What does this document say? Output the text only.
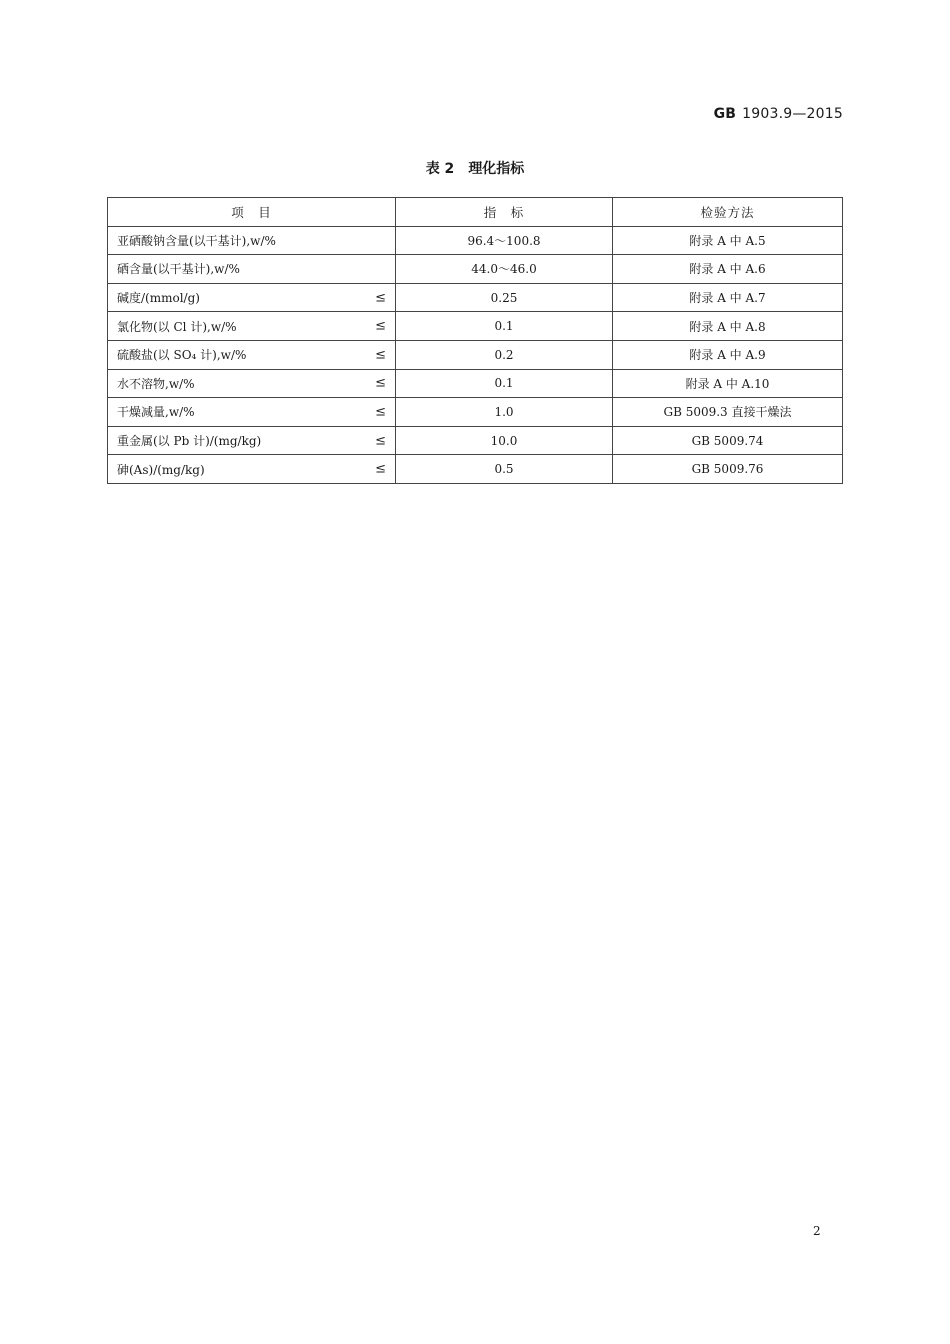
GB 1903.9—2015
表 2 理化指标
项　目	指　标	检验方法
亚硒酸钠含量(以干基计),w/%	96.4～100.8	附录 A 中 A.5
硒含量(以干基计),w/%	44.0～46.0	附录 A 中 A.6
碱度/(mmol/g) ≤	0.25	附录 A 中 A.7
氯化物(以 Cl 计),w/% ≤	0.1	附录 A 中 A.8
硫酸盐(以 SO₄ 计),w/% ≤	0.2	附录 A 中 A.9
水不溶物,w/% ≤	0.1	附录 A 中 A.10
干燥减量,w/% ≤	1.0	GB 5009.3 直接干燥法
重金属(以 Pb 计)/(mg/kg) ≤	10.0	GB 5009.74
砷(As)/(mg/kg) ≤	0.5	GB 5009.76
2
